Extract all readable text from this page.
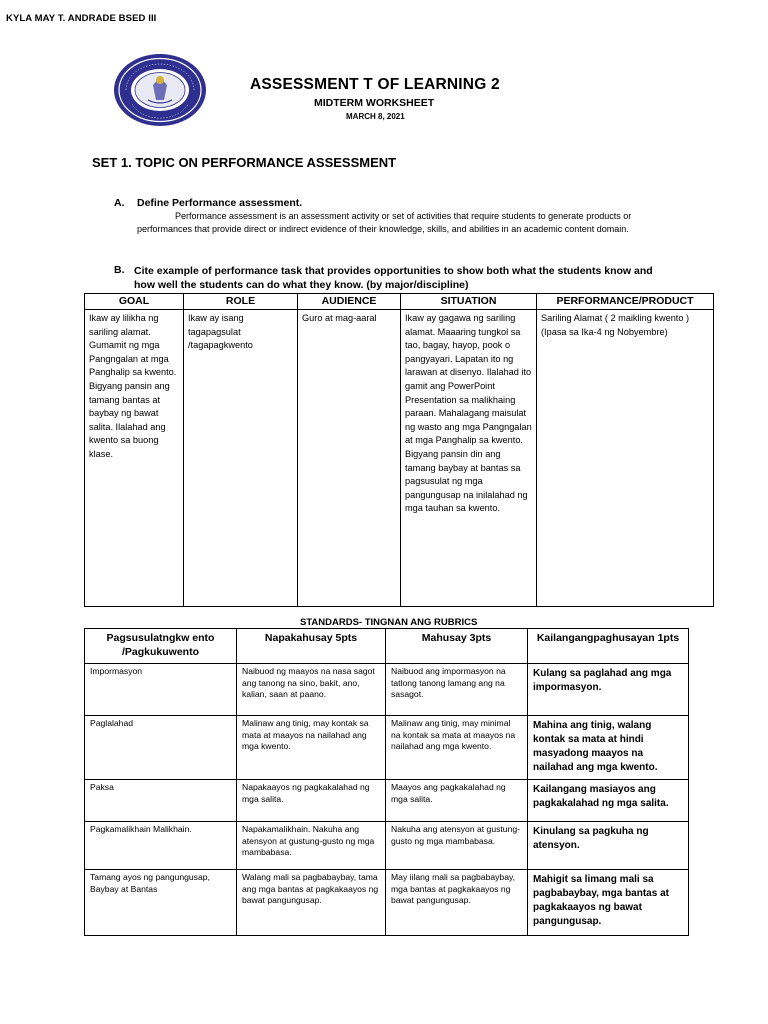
KYLA MAY T. ANDRADE BSED III
ASSESSMENT T OF LEARNING 2
MIDTERM WORKSHEET
MARCH 8, 2021
SET 1. TOPIC ON PERFORMANCE ASSESSMENT
A. Define Performance assessment.
Performance assessment is an assessment activity or set of activities that require students to generate products or performances that provide direct or indirect evidence of their knowledge, skills, and abilities in an academic content domain.
B. Cite example of performance task that provides opportunities to show both what the students know and how well the students can do what they know. (by major/discipline)
GOAL	ROLE	AUDIENCE	SITUATION	PERFORMANCE/PRODUCT
Ikaw ay lilikha ng sariling alamat. Gumamit ng mga Pangngalan at mga Panghalip sa kwento. Bigyang pansin ang tamang bantas at baybay ng bawat salita. Ilalahad ang kwento sa buong klase.	Ikaw ay isang tagapagsulat /tagapagkwento	Guro at mag-aaral	Ikaw ay gagawa ng sariling alamat. Maaaring tungkol sa tao, bagay, hayop, pook o pangyayari. Lapatan ito ng larawan at disenyo. Ilalahad ito gamit ang PowerPoint Presentation sa malikhaing paraan. Mahalagang maisulat ng wasto ang mga Pangngalan at mga Panghalip sa kwento. Bigyang pansin din ang tamang baybay at bantas sa pagsusulat ng mga pangungusap na inilalahad ng mga tauhan sa kwento.	Sariling Alamat ( 2 maikling kwento ) (Ipasa sa Ika-4 ng Nobyembre)
STANDARDS- TINGNAN ANG RUBRICS
Pagsusulatngkw ento /Pagkukuwento	Napakahusay 5pts	Mahusay 3pts	Kailangangpaghusayan 1pts
Impormasyon	Naibuod ng maayos na nasa sagot ang tanong na sino, bakit, ano, kalian, saan at paano.	Naibuod ang impormasyon na tatlong tanong lamang ang na sasagot.	Kulang sa paglahad ang mga impormasyon.
Paglalahad	Malinaw ang tinig, may kontak sa mata at maayos na nailahad ang mga kwento.	Malinaw ang tinig, may minimal na kontak sa mata at maayos na nailahad ang mga kwento.	Mahina ang tinig, walang kontak sa mata at hindi masyadong maayos na nailahad ang mga kwento.
Paksa	Napakaayos ng pagkakalahad ng mga salita.	Maayos ang pagkakalahad ng mga salita.	Kailangang masiayos ang pagkakalahad ng mga salita.
Pagkamalikhain Malikhain.	Napakamalikhain. Nakuha ang atensyon at gustung-gusto ng mga mambabasa.	Nakuha ang atensyon at gustung-gusto ng mga mambabasa.	Kinulang sa pagkuha ng atensyon.
Tamang ayos ng pangungusap, Baybay at Bantas	Walang mali sa pagbabaybay, tama ang mga bantas at pagkakaayos ng bawat pangungusap.	May iilang mali sa pagbabaybay, mga bantas at pagkakaayos ng bawat pangungusap.	Mahigit sa limang mali sa pagbabaybay, mga bantas at pagkakaayos ng bawat pangungusap.
